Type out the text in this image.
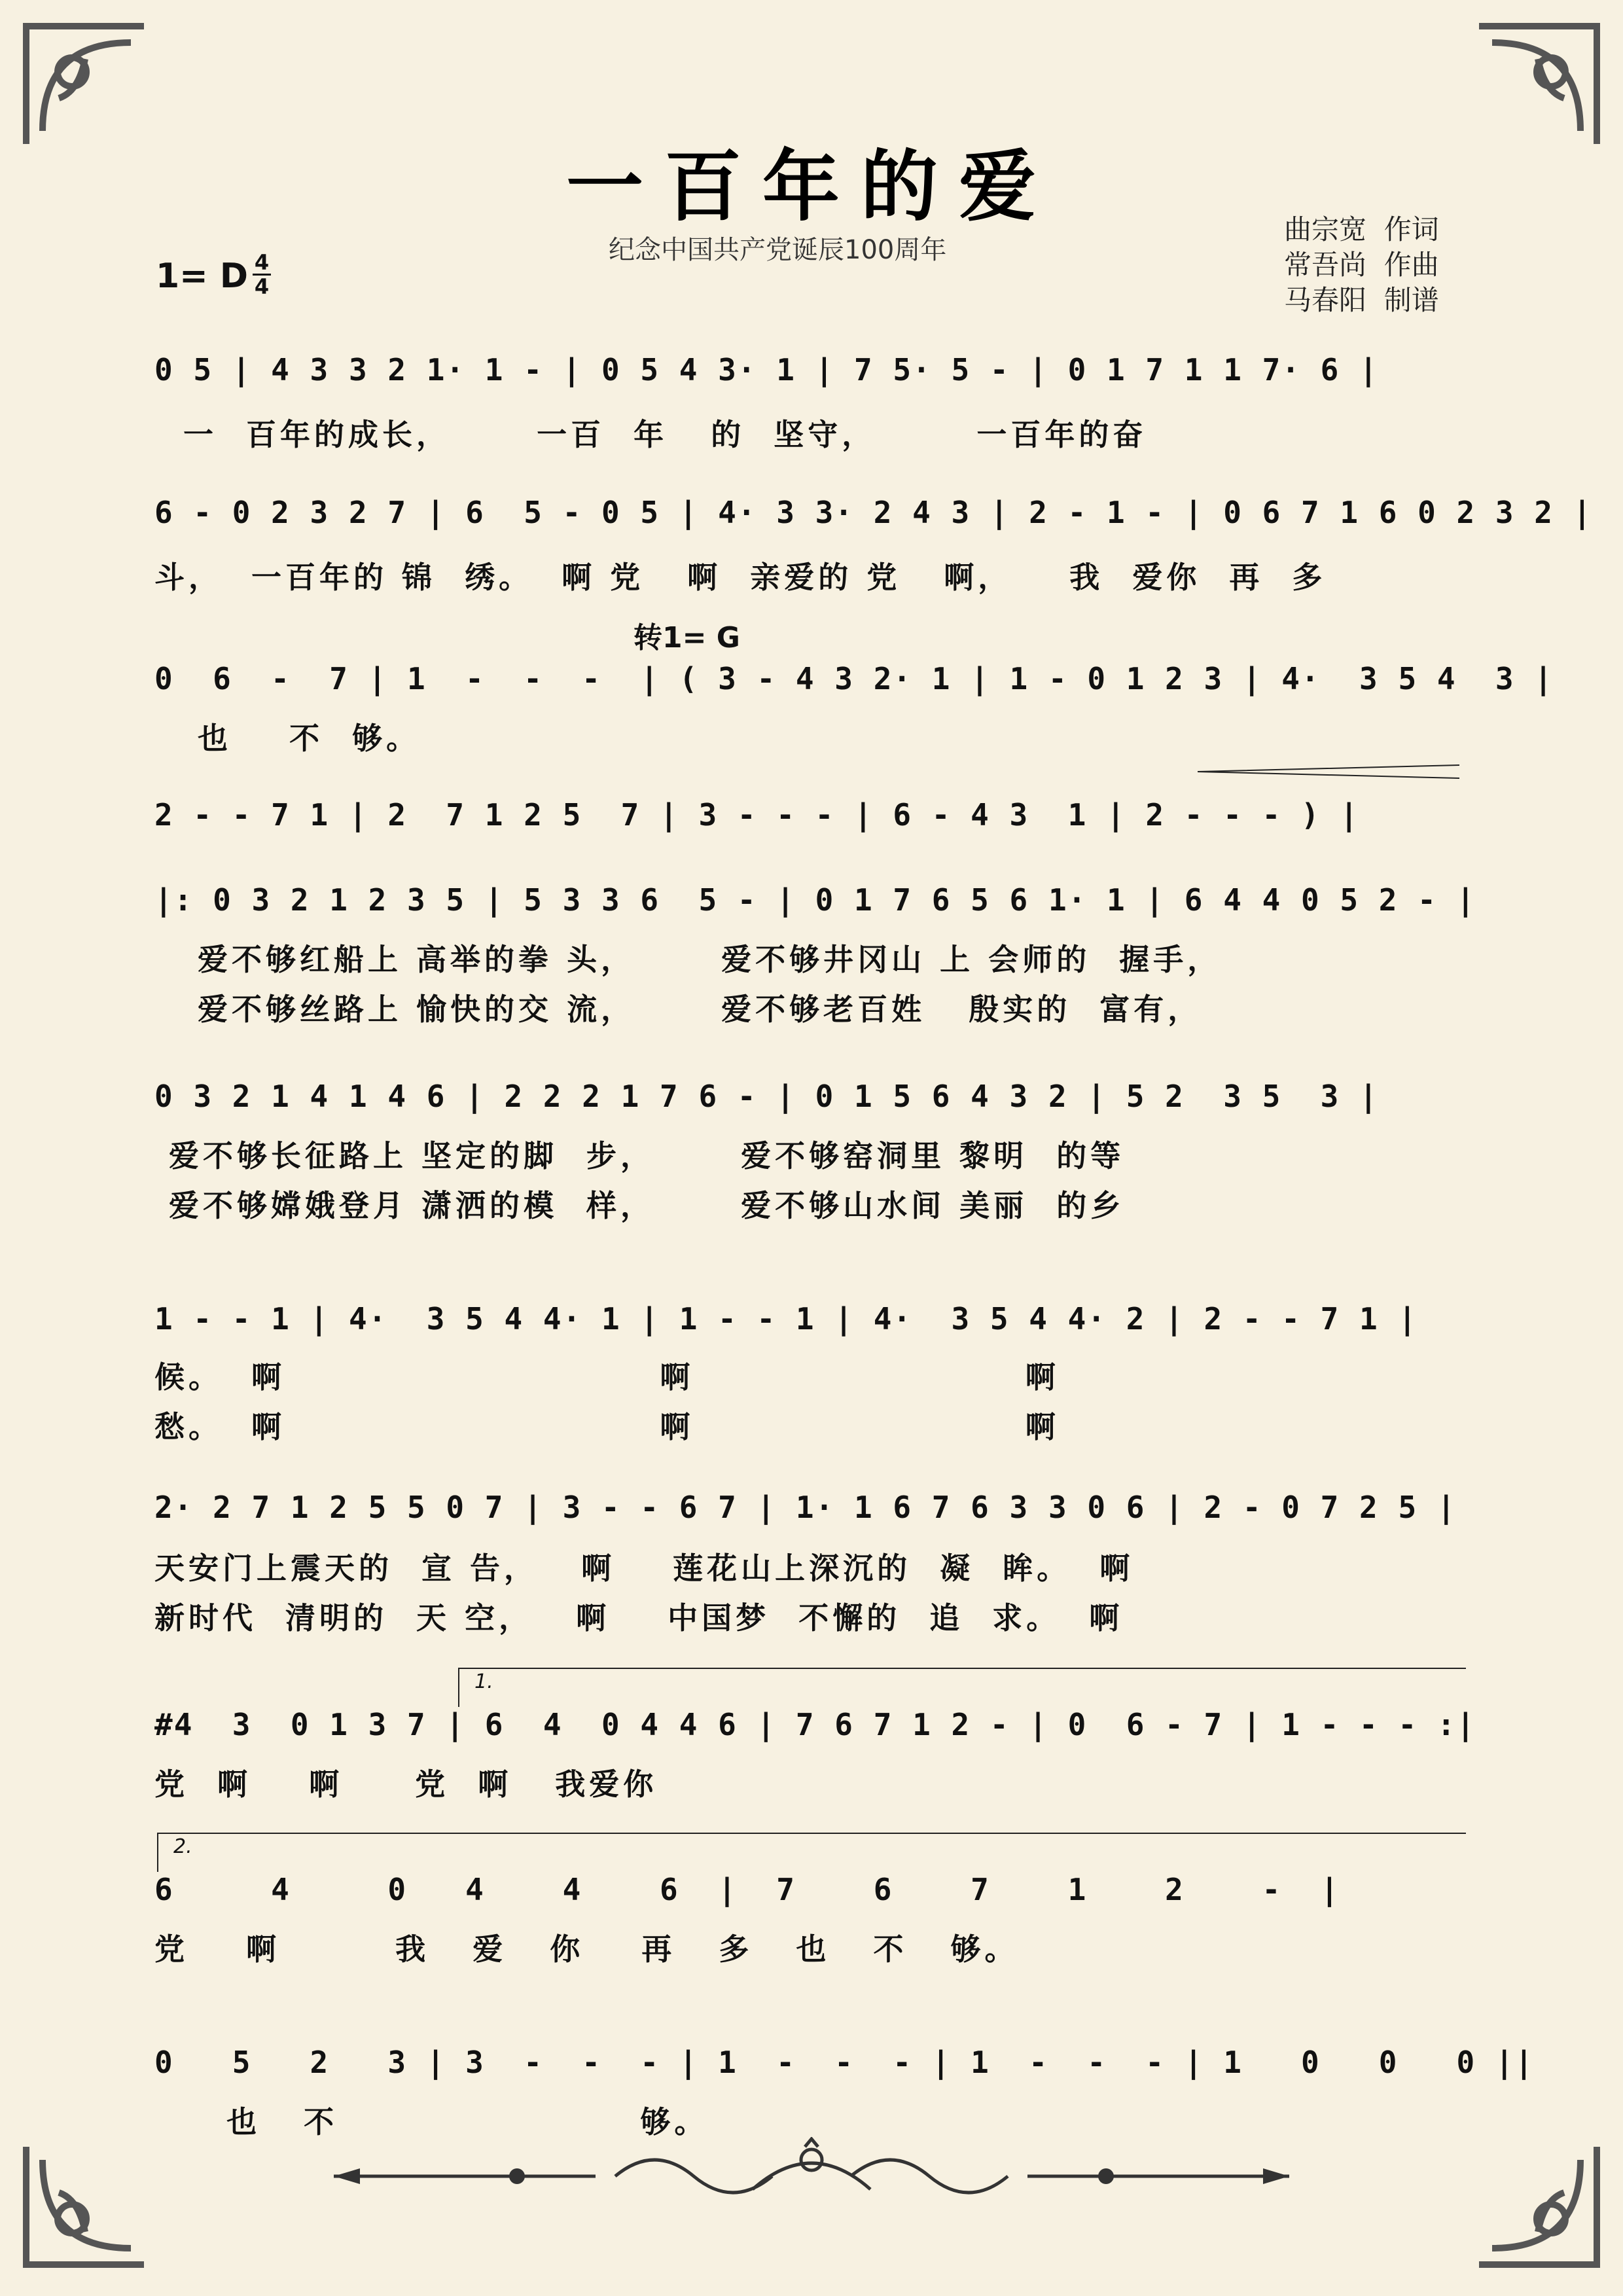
一百年的爱
纪念中国共产党诞辰100周年
曲宗宽  作词
常吾尚  作曲
马春阳  制谱
1= D 4
4
转1= G
0 5 | 4 3 3 2 1· 1 - | 0 5 4 3· 1 | 7 5· 5 - | 0 1 7 1 1 7· 6 |
一  百年的成长，      一百  年   的  坚守，       一百年的奋
6 - 0 2 3 2 7 | 6  5 - 0 5 | 4· 3 3· 2 4 3 | 2 - 1 - | 0 6 7 1 6 0 2 3 2 |
斗，  一百年的 锦  绣。  啊 党   啊  亲爱的 党   啊，    我  爱你  再  多
0  6  -  7 | 1  -  -  -  | ( 3 - 4 3 2· 1 | 1 - 0 1 2 3 | 4·  3 5 4  3 |
也    不  够。
2 - - 7 1 | 2  7 1 2 5  7 | 3 - - - | 6 - 4 3  1 | 2 - - - ) |
|: 0 3 2 1 2 3 5 | 5 3 3 6  5 - | 0 1 7 6 5 6 1· 1 | 6 4 4 0 5 2 - |
爱不够红船上 高举的拳 头，      爱不够井冈山 上 会师的  握手，
爱不够丝路上 愉快的交 流，      爱不够老百姓   殷实的  富有，
0 3 2 1 4 1 4 6 | 2 2 2 1 7 6 - | 0 1 5 6 4 3 2 | 5 2  3 5  3 |
爱不够长征路上 坚定的脚  步，      爱不够窑洞里 黎明  的等
爱不够嫦娥登月 潇洒的模  样，      爱不够山水间 美丽  的乡
1 - - 1 | 4·  3 5 4 4· 1 | 1 - - 1 | 4·  3 5 4 4· 2 | 2 - - 7 1 |
候。  啊                          啊                       啊
愁。  啊                          啊                       啊
2· 2 7 1 2 5 5 0 7 | 3 - - 6 7 | 1· 1 6 7 6 3 3 0 6 | 2 - 0 7 2 5 |
天安门上震天的  宣 告，   啊    莲花山上深沉的  凝  眸。  啊
新时代  清明的  天 空，   啊    中国梦  不懈的  追  求。  啊
1.
#4  3  0 1 3 7 | 6  4  0 4 4 6 | 7 6 7 1 2 - | 0  6 - 7 | 1 - - - :|
党  啊    啊     党  啊   我爱你
2.
6     4     0   4    4    6  |  7    6    7    1    2    -  |
党    啊        我   爱   你    再   多   也   不   够。
0   5   2   3 | 3  -  -  - | 1  -  -  - | 1  -  -  - | 1   0   0   0 ||
也   不                     够。
